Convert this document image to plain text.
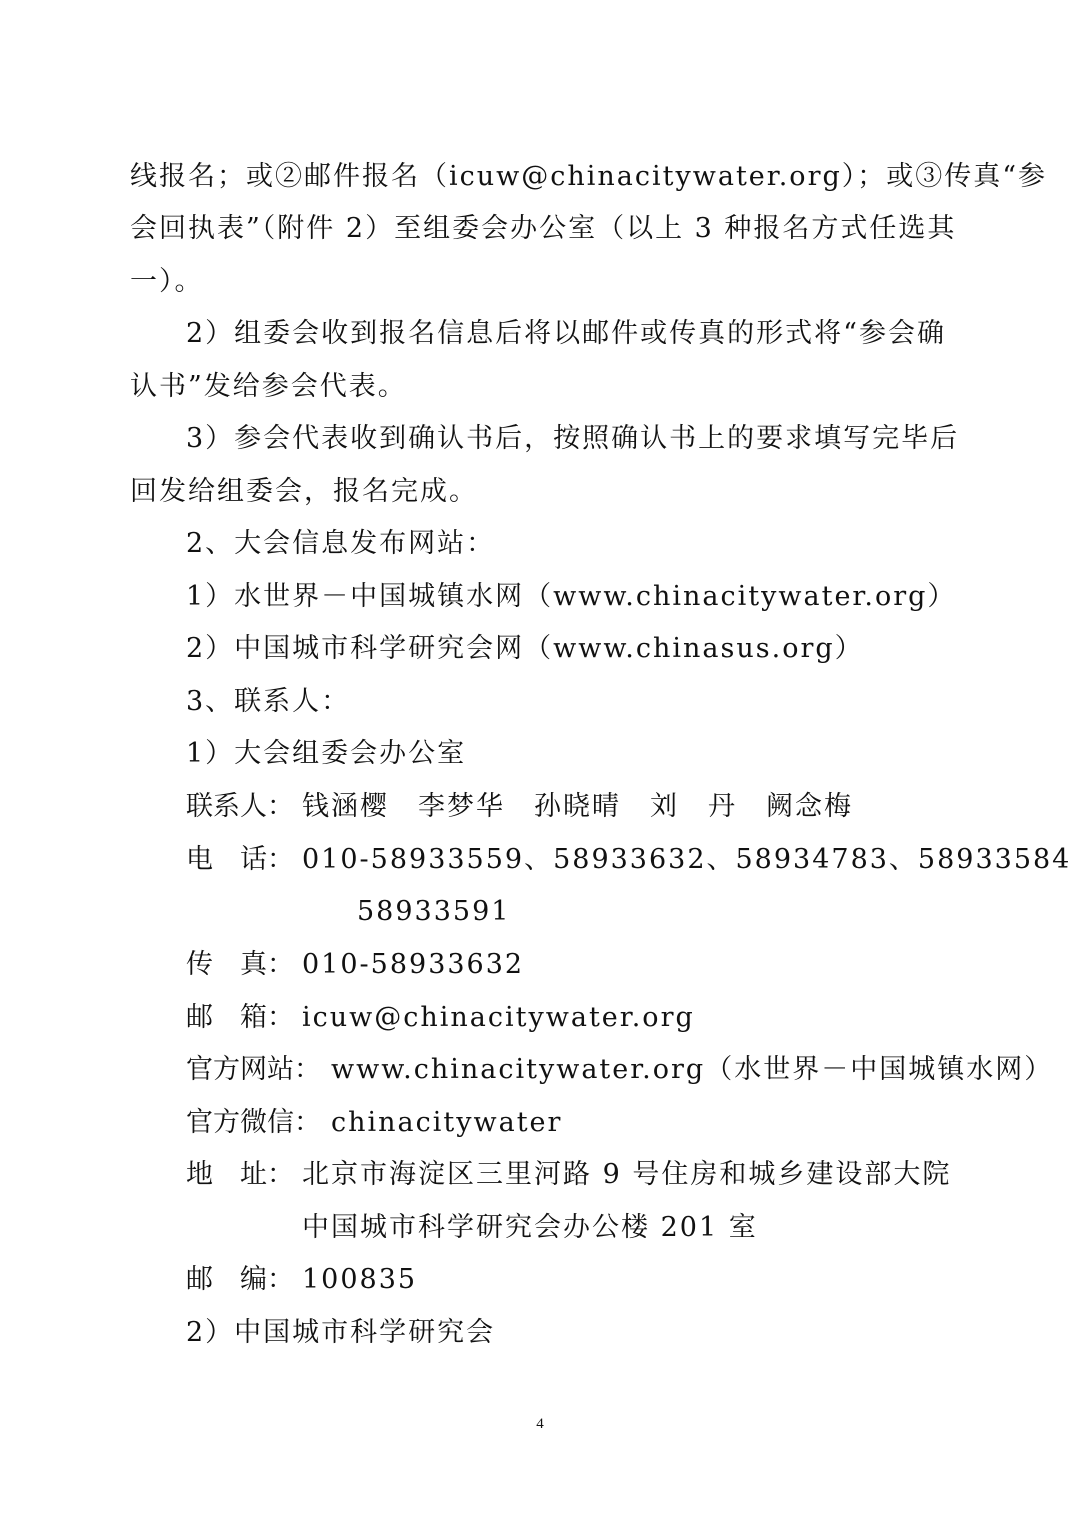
线报名；或②邮件报名（icuw@chinacitywater.org）；或③传真“参
会回执表”（附件 2）至组委会办公室（以上 3 种报名方式任选其
一）。
2）组委会收到报名信息后将以邮件或传真的形式将“参会确
认书”发给参会代表。
3）参会代表收到确认书后，按照确认书上的要求填写完毕后
回发给组委会，报名完成。
2、大会信息发布网站：
1）水世界－中国城镇水网（www.chinacitywater.org）
2）中国城市科学研究会网（www.chinasus.org）
3、联系人：
1）大会组委会办公室
联系人： 钱涵樱　李梦华　孙晓晴　刘　丹　阙念梅
电　话： 010-58933559、58933632、58934783、58933584
58933591
传　真： 010-58933632
邮　箱： icuw@chinacitywater.org
官方网站： www.chinacitywater.org（水世界－中国城镇水网）
官方微信： chinacitywater
地　址： 北京市海淀区三里河路 9 号住房和城乡建设部大院
中国城市科学研究会办公楼 201 室
邮　编： 100835
2）中国城市科学研究会
4
